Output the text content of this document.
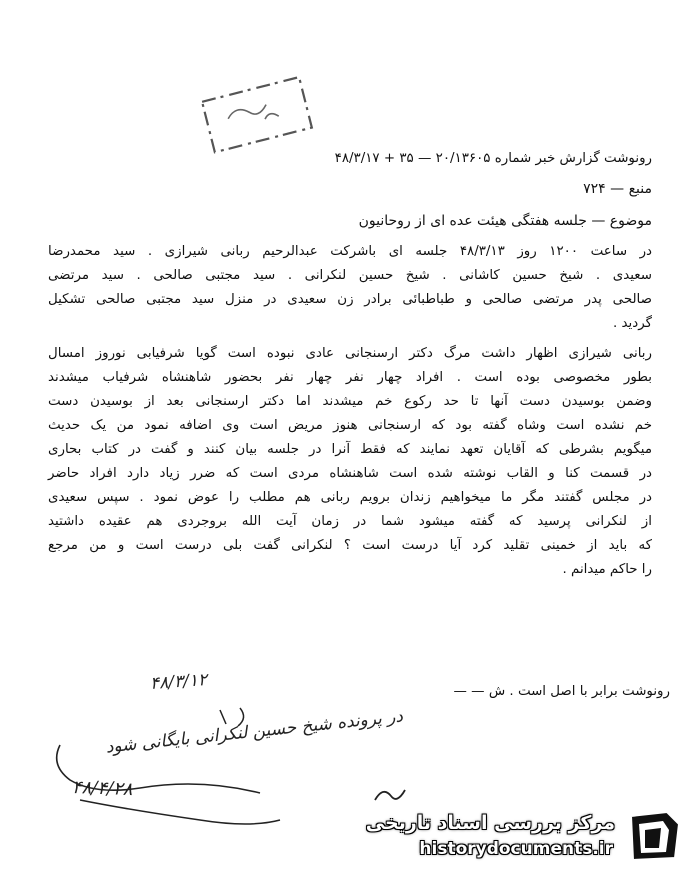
رونوشت گزارش خبر شماره ۲۰/۱۳۶۰۵ — ۳۵ + ۴۸/۳/۱۷
منبع — ۷۲۴
موضوع — جلسه هفتگی هیئت عده ای از روحانیون
در ساعت ۱۲۰۰ روز ۴۸/۳/۱۳ جلسه ای باشرکت عبدالرحیم ربانی شیرازی . سید محمدرضا
سعیدی . شیخ حسین کاشانی . شیخ حسین لنکرانی . سید مجتبی صالحی . سید مرتضی
صالحی پدر مرتضی صالحی و طباطبائی برادر زن سعیدی در منزل سید مجتبی صالحی تشکیل
گردید .
ربانی شیرازی اظهار داشت مرگ دکتر ارسنجانی عادی نبوده است گویا شرفیابی نوروز امسال
بطور مخصوصی بوده است . افراد چهار نفر چهار نفر بحضور شاهنشاه شرفیاب میشدند
وضمن بوسیدن دست آنها تا حد رکوع خم میشدند اما دکتر ارسنجانی بعد از بوسیدن دست
خم نشده است وشاه گفته بود که ارسنجانی هنوز مریض است وی اضافه نمود من یک حدیث
میگویم بشرطی که آقایان تعهد نمایند که فقط آنرا در جلسه بیان کنند و گفت در کتاب بحاری
در قسمت کنا و القاب نوشته شده است شاهنشاه مردی است که ضرر زیاد دارد افراد حاضر
در مجلس گفتند مگر ما میخواهیم زندان برویم ربانی هم مطلب را عوض نمود . سپس سعیدی
از لنکرانی پرسید که گفته میشود شما در زمان آیت الله بروجردی هم عقیده داشتید
که باید از خمینی تقلید کرد آیا درست است ؟ لنکرانی گفت بلی درست است و من مرجع
را حاکم میدانم .
رونوشت برابر با اصل است . ش — —
۴۸/۳/۱۲
در پرونده شیخ حسین لنکرانی بایگانی شود
۴۸/۴/۲۸
مرکز بررسی اسناد تاریخی
historydocuments.ir
